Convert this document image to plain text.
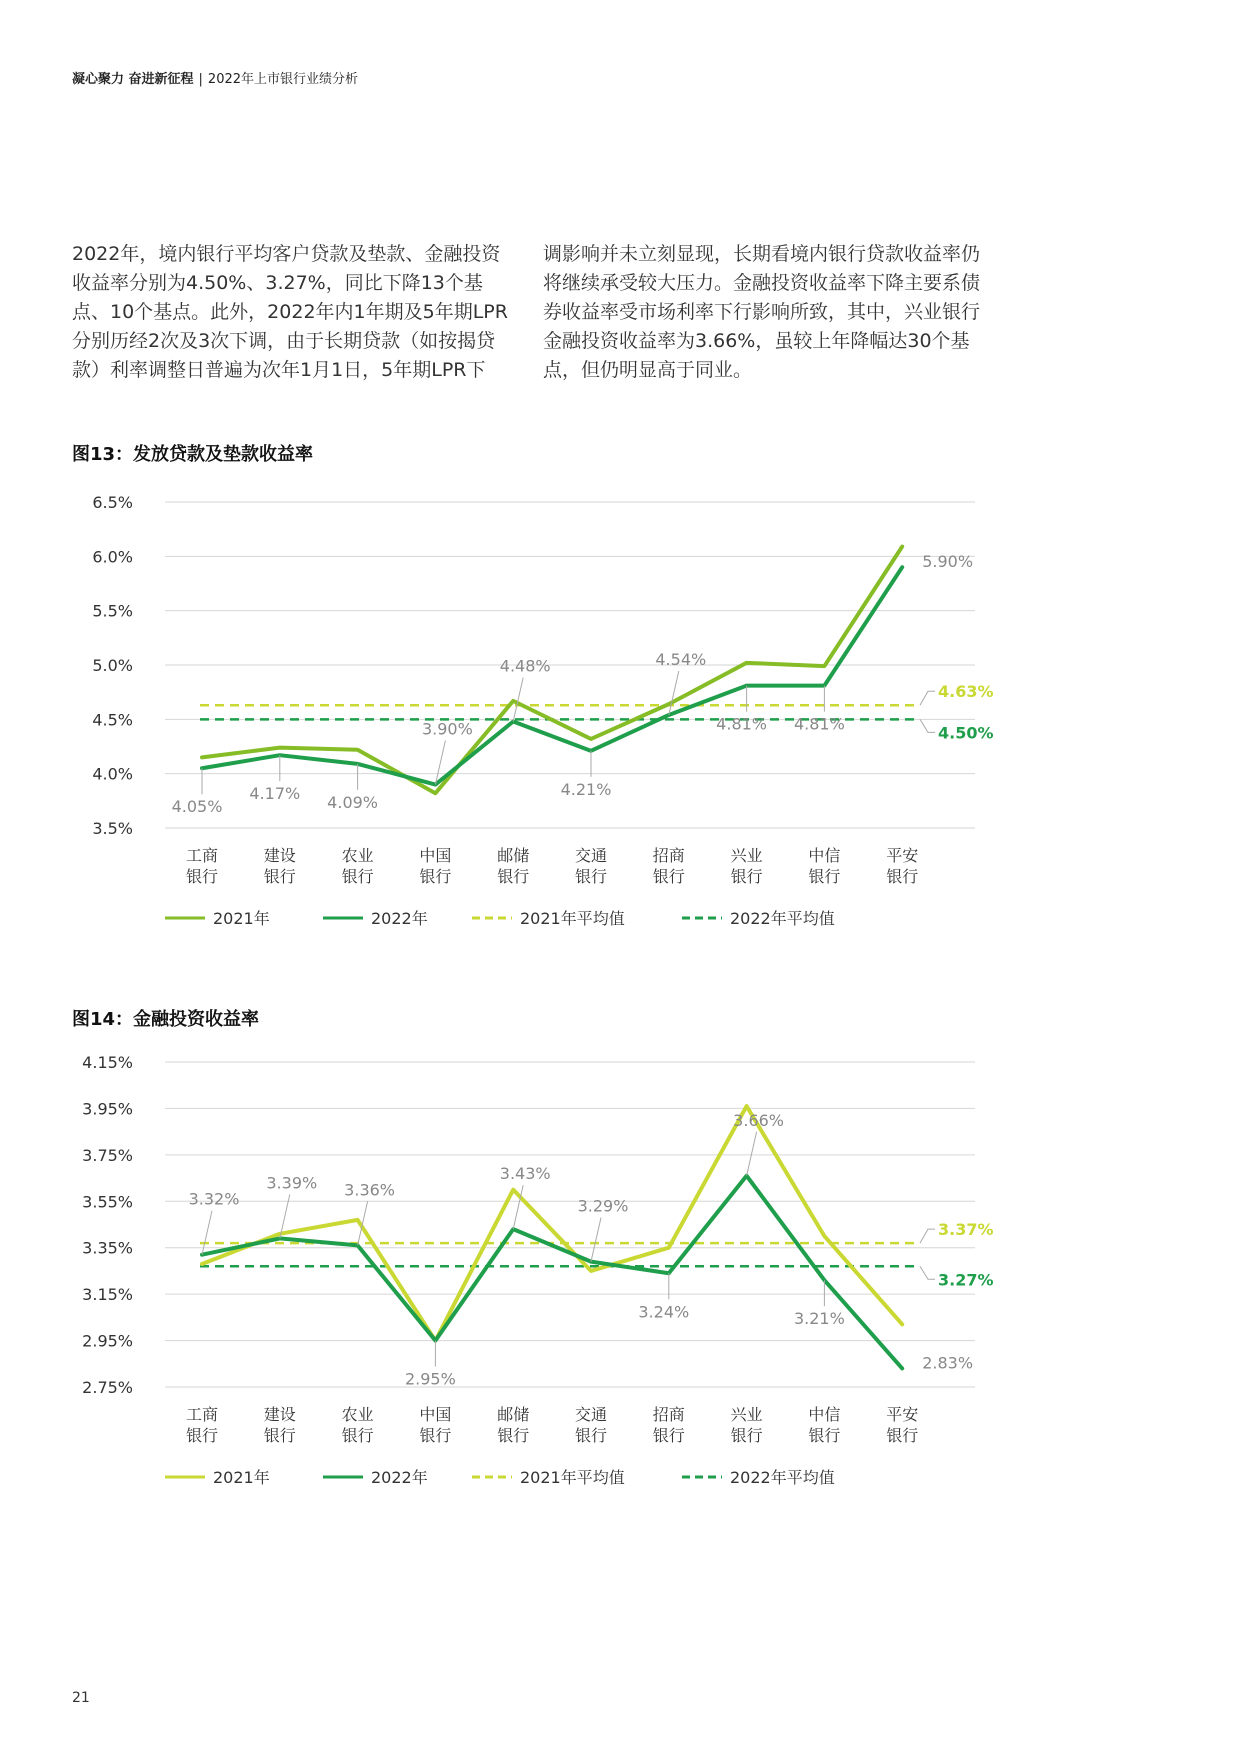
凝心聚力 奋进新征程 | 2022年上市银行业绩分析

2022年，境内银行平均客户贷款及垫款、金融投资收益率分别为4.50%、3.27%，同比下降13个基点、10个基点。此外，2022年内1年期及5年期LPR分别历经2次及3次下调，由于长期贷款（如按揭贷款）利率调整日普遍为次年1月1日，5年期LPR下

调影响并未立刻显现，长期看境内银行贷款收益率仍将继续承受较大压力。金融投资收益率下降主要系债券收益率受市场利率下行影响所致，其中，兴业银行金融投资收益率为3.66%，虽较上年降幅达30个基点，但仍明显高于同业。

图13：发放贷款及垫款收益率
6.5%
6.0%
5.5%
5.0%
4.5%
4.0%
3.5%
4.63%
4.50%
4.05%
4.17% 4.09%
3.90%
4.48%
4.21%
4.54%
4.81% 4.81%
5.90%
工商银行
建设银行
农业银行
中国银行
邮储银行
交通银行
招商银行
兴业银行
中信银行
平安银行
2021年	2022年	2021年平均值	2022年平均值
图14：金融投资收益率
4.15%
3.95%
3.75%
3.55%
3.35%
3.15%
2.95%
2.75%
3.37%
3.27%
3.32%
3.39% 3.36%
2.95%
3.43%
3.29%
3.24%
3.66%
3.21%
2.83%
工商银行
建设银行
农业银行
中国银行
邮储银行
交通银行
招商银行
兴业银行
中信银行
平安银行
2021年	2022年	2021年平均值	2022年平均值
21
